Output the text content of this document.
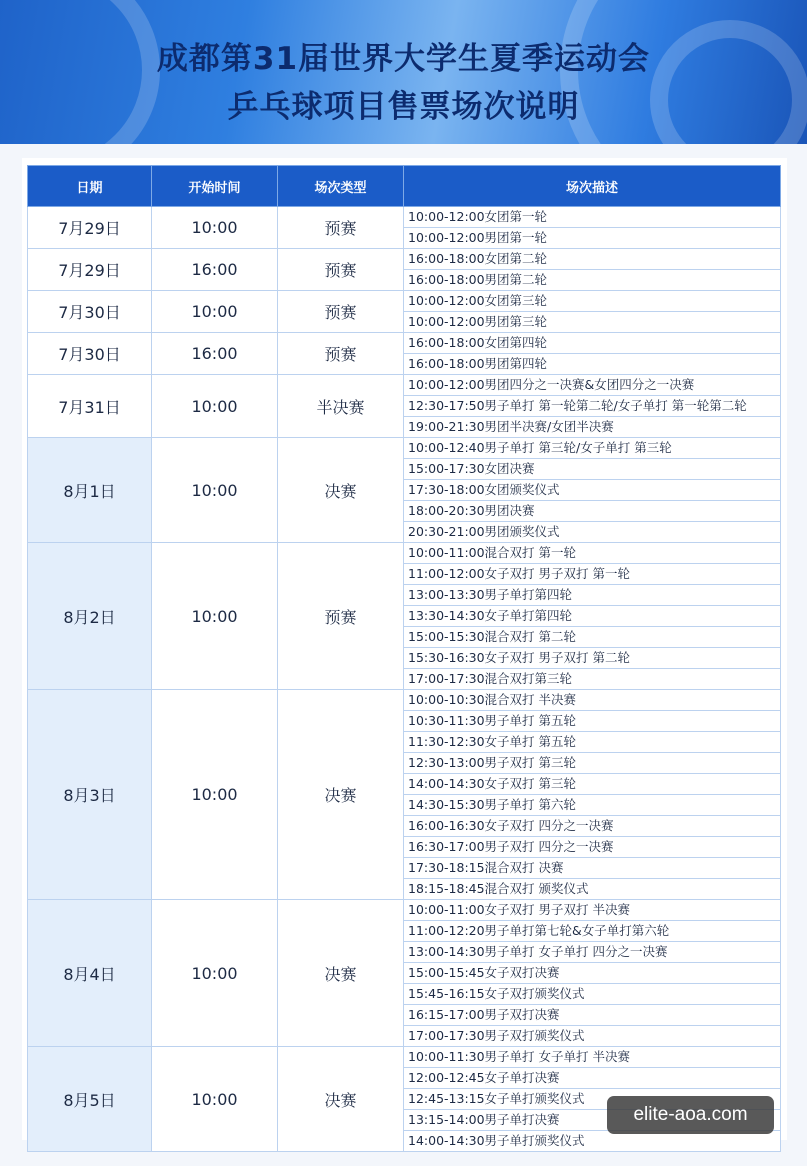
成都第31届世界大学生夏季运动会
乒乓球项目售票场次说明
日期	开始时间	场次类型	场次描述
7月29日	10:00	预赛	10:00-12:00女团第一轮
			10:00-12:00男团第一轮
7月29日	16:00	预赛	16:00-18:00女团第二轮
			16:00-18:00男团第二轮
7月30日	10:00	预赛	10:00-12:00女团第三轮
			10:00-12:00男团第三轮
7月30日	16:00	预赛	16:00-18:00女团第四轮
			16:00-18:00男团第四轮
7月31日	10:00	半决赛	10:00-12:00男团四分之一决赛&女团四分之一决赛
			12:30-17:50男子单打 第一轮第二轮/女子单打 第一轮第二轮
			19:00-21:30男团半决赛/女团半决赛
8月1日	10:00	决赛	10:00-12:40男子单打 第三轮/女子单打 第三轮
			15:00-17:30女团决赛
			17:30-18:00女团颁奖仪式
			18:00-20:30男团决赛
			20:30-21:00男团颁奖仪式
8月2日	10:00	预赛	10:00-11:00混合双打 第一轮
			11:00-12:00女子双打 男子双打 第一轮
			13:00-13:30男子单打第四轮
			13:30-14:30女子单打第四轮
			15:00-15:30混合双打 第二轮
			15:30-16:30女子双打 男子双打 第二轮
			17:00-17:30混合双打第三轮
8月3日	10:00	决赛	10:00-10:30混合双打 半决赛
			10:30-11:30男子单打 第五轮
			11:30-12:30女子单打 第五轮
			12:30-13:00男子双打 第三轮
			14:00-14:30女子双打 第三轮
			14:30-15:30男子单打 第六轮
			16:00-16:30女子双打 四分之一决赛
			16:30-17:00男子双打 四分之一决赛
			17:30-18:15混合双打 决赛
			18:15-18:45混合双打 颁奖仪式
8月4日	10:00	决赛	10:00-11:00女子双打 男子双打 半决赛
			11:00-12:20男子单打第七轮&女子单打第六轮
			13:00-14:30男子单打 女子单打 四分之一决赛
			15:00-15:45女子双打决赛
			15:45-16:15女子双打颁奖仪式
			16:15-17:00男子双打决赛
			17:00-17:30男子双打颁奖仪式
8月5日	10:00	决赛	10:00-11:30男子单打 女子单打 半决赛
			12:00-12:45女子单打决赛
			12:45-13:15女子单打颁奖仪式
			13:15-14:00男子单打决赛
			14:00-14:30男子单打颁奖仪式
elite-aoa.com
